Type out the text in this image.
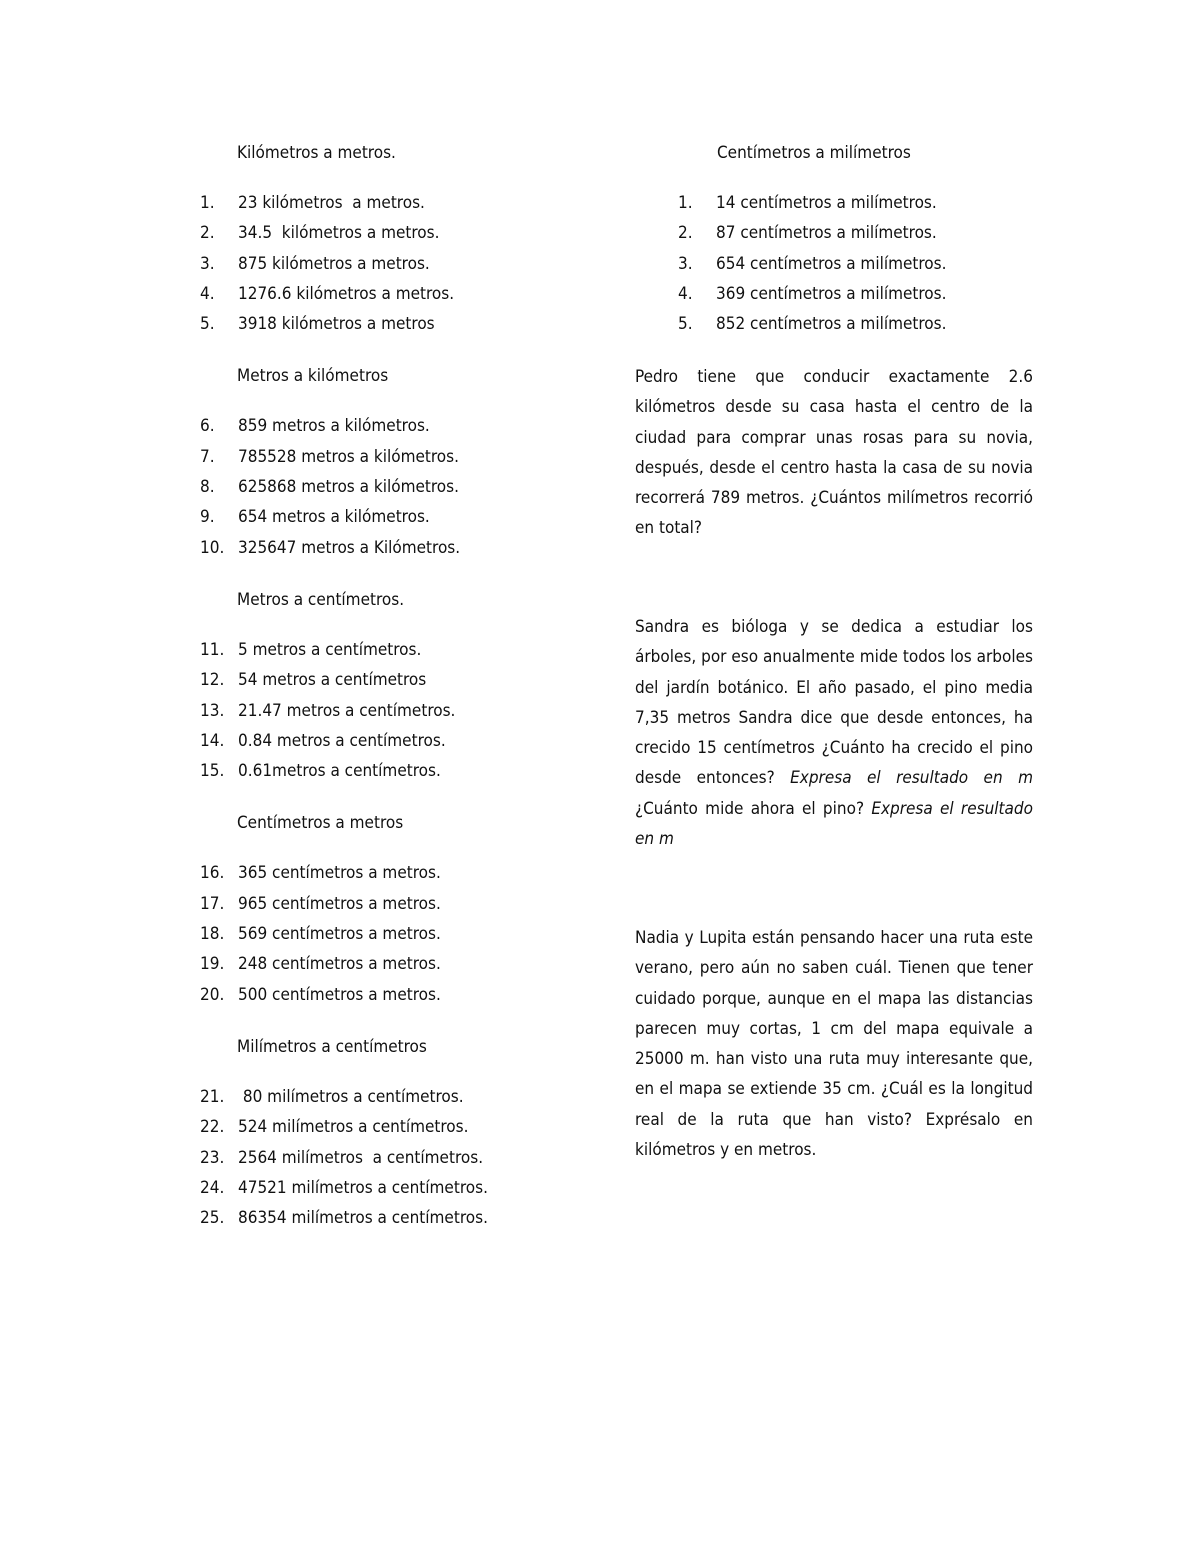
Kilómetros a metros.
1.	23 kilómetros  a metros.
2.	34.5  kilómetros a metros.
3.	875 kilómetros a metros.
4.	1276.6 kilómetros a metros.
5.	3918 kilómetros a metros
Metros a kilómetros
6.	859 metros a kilómetros.
7.	785528 metros a kilómetros.
8.	625868 metros a kilómetros.
9.	654 metros a kilómetros.
10. 325647 metros a Kilómetros.
Metros a centímetros.
11. 5 metros a centímetros.
12. 54 metros a centímetros
13. 21.47 metros a centímetros.
14. 0.84 metros a centímetros.
15. 0.61metros a centímetros.
Centímetros a metros
16. 365 centímetros a metros.
17. 965 centímetros a metros.
18. 569 centímetros a metros.
19. 248 centímetros a metros.
20. 500 centímetros a metros.
Milímetros a centímetros
21. 80 milímetros a centímetros.
22. 524 milímetros a centímetros.
23. 2564 milímetros  a centímetros.
24. 47521 milímetros a centímetros.
25. 86354 milímetros a centímetros.
Centímetros a milímetros
1.	14 centímetros a milímetros.
2.	87 centímetros a milímetros.
3.	654 centímetros a milímetros.
4.	369 centímetros a milímetros.
5.	852 centímetros a milímetros.

Pedro tiene que conducir exactamente 2.6 kilómetros desde su casa hasta el centro de la ciudad para comprar unas rosas para su novia, después, desde el centro hasta la casa de su novia recorrerá 789 metros. ¿Cuántos milímetros recorrió en total?

Sandra es bióloga y se dedica a estudiar los árboles, por eso anualmente mide todos los arboles del jardín botánico. El año pasado, el pino media 7,35 metros Sandra dice que desde entonces, ha crecido 15 centímetros ¿Cuánto ha crecido el pino desde entonces? Expresa el resultado en m     ¿Cuánto mide ahora el pino? Expresa el resultado en m

Nadia y Lupita están pensando hacer una ruta este verano, pero aún no saben cuál. Tienen que tener cuidado porque, aunque en el mapa las distancias parecen muy cortas, 1 cm del mapa equivale a 25000 m. han visto una ruta muy interesante que, en el mapa se extiende 35 cm. ¿Cuál es la longitud real de la ruta que han visto? Exprésalo en kilómetros y en metros.
